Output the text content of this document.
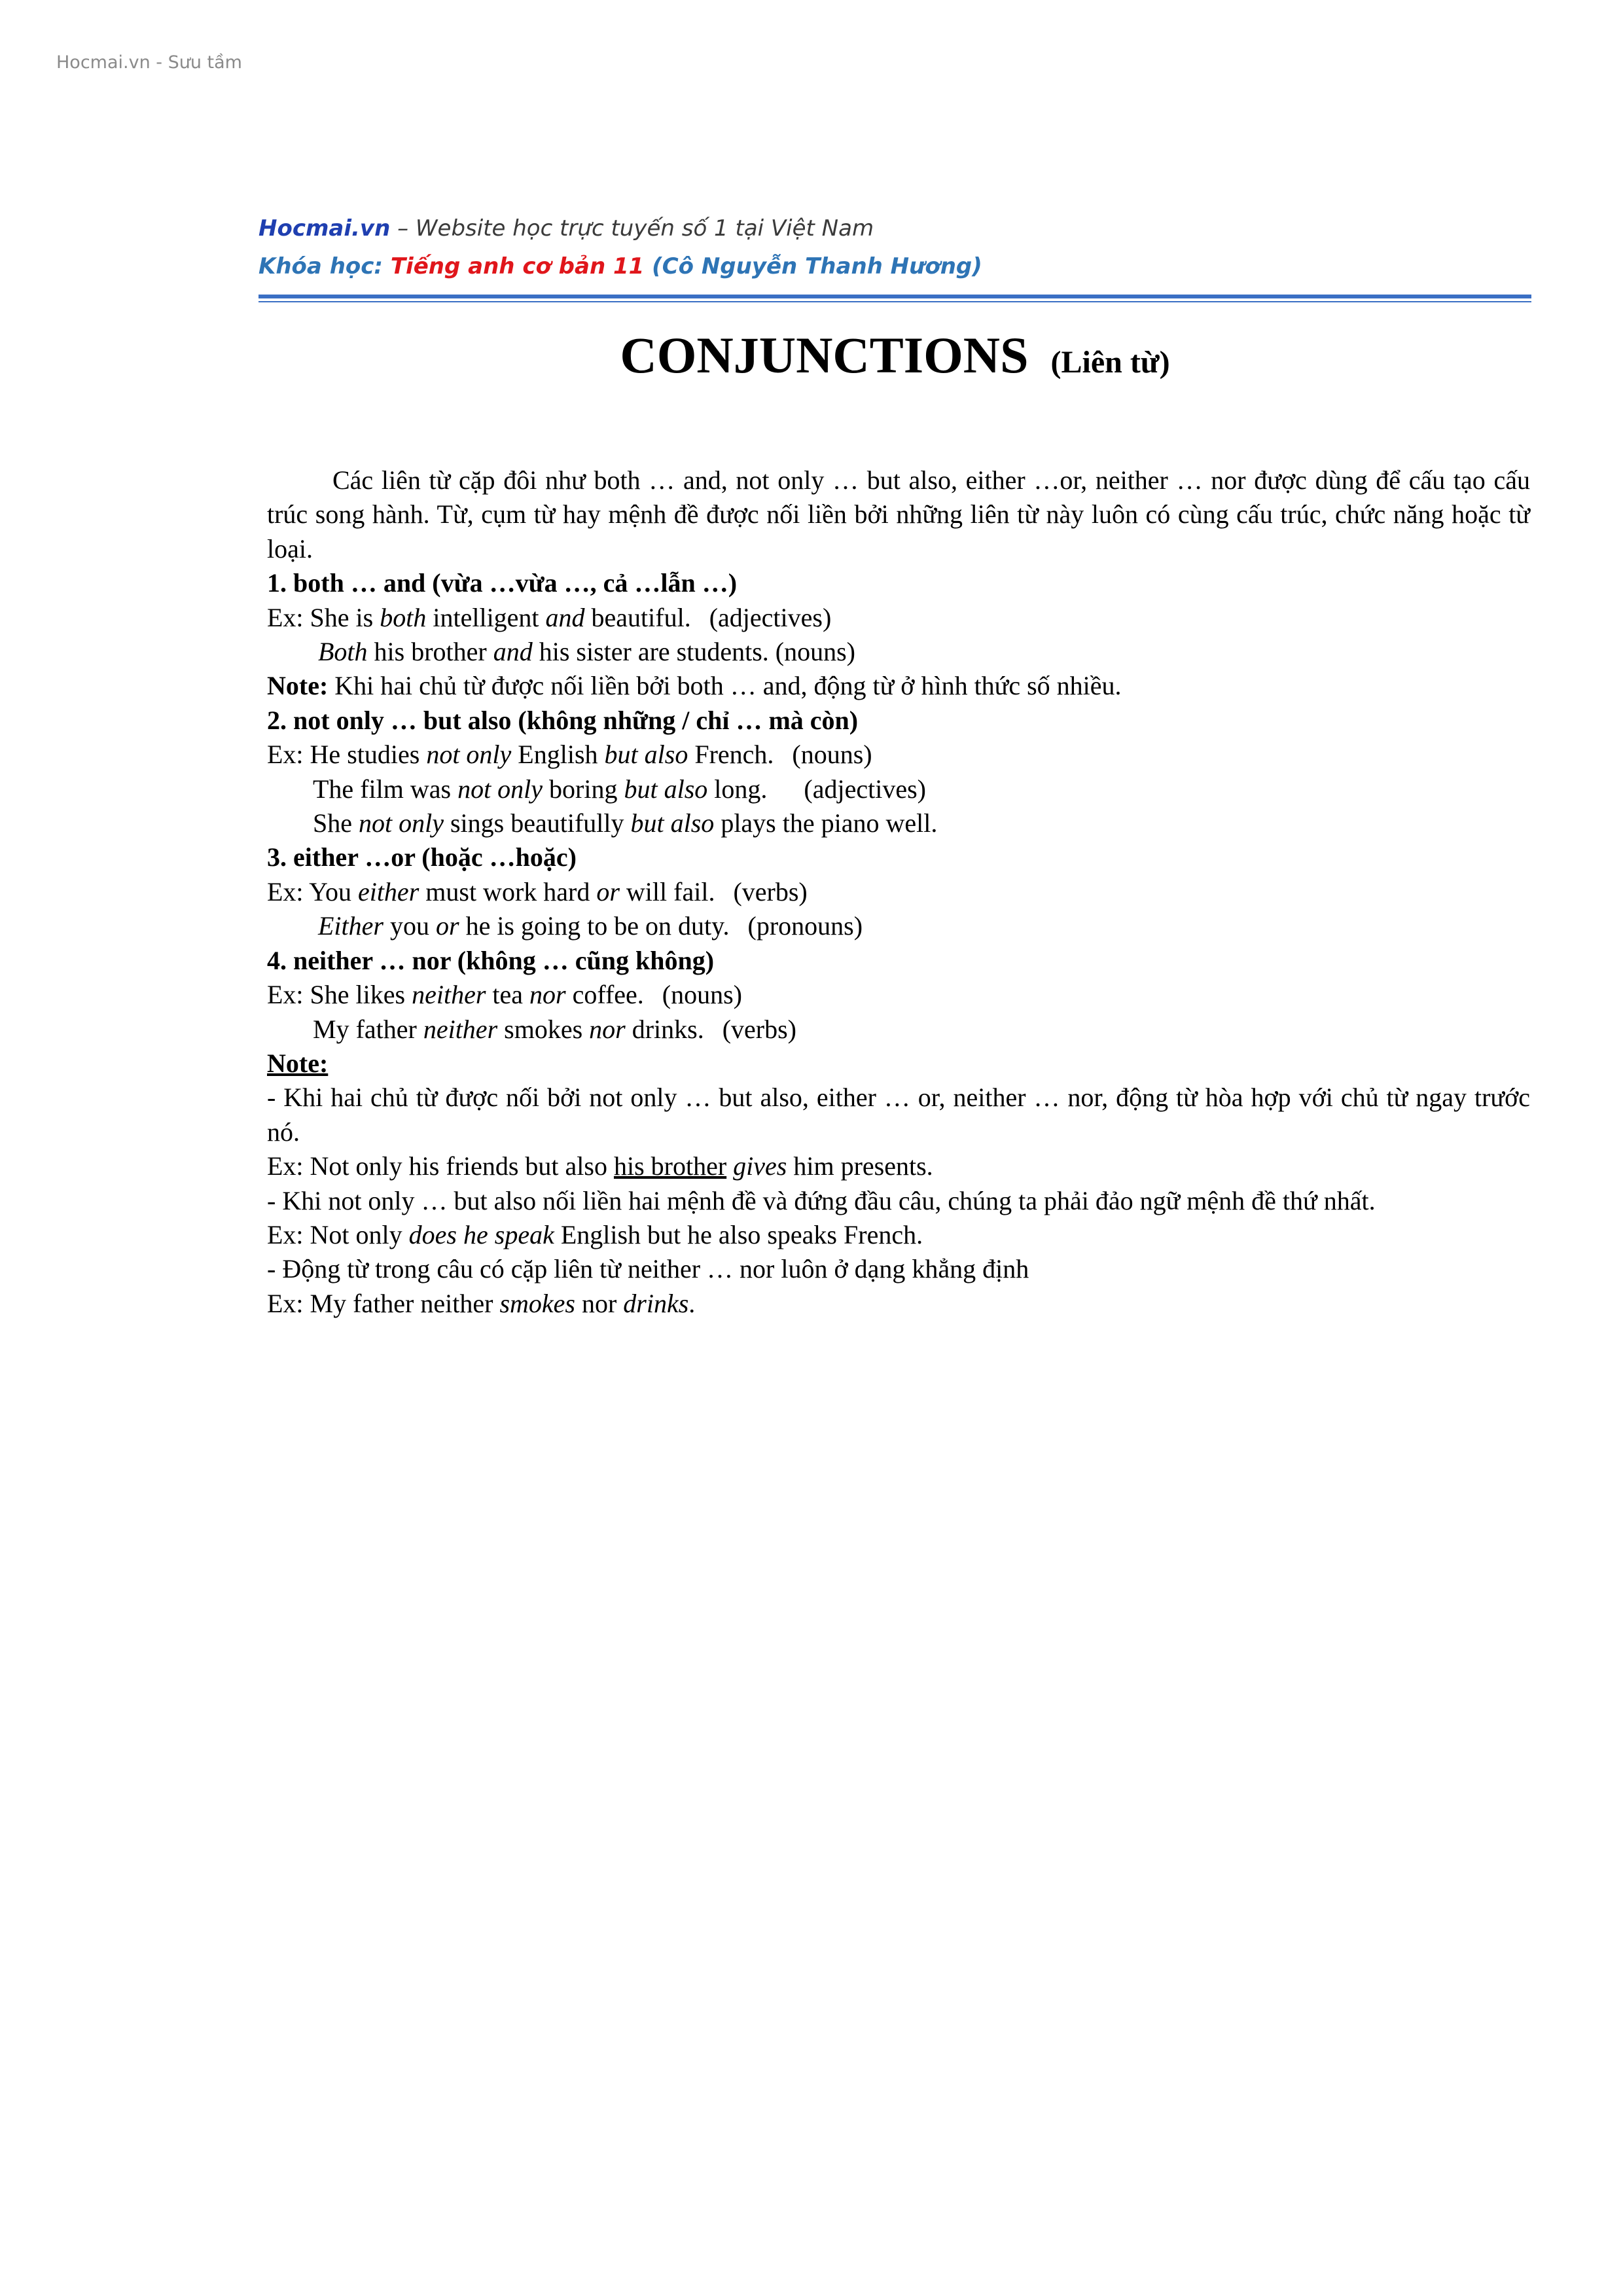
Hocmai.vn - Sưu tầm
Hocmai.vn – Website học trực tuyến số 1 tại Việt Nam
Khóa học: Tiếng anh cơ bản 11 (Cô Nguyễn Thanh Hương)
CONJUNCTIONS (Liên từ)

Các liên từ cặp đôi như both … and, not only … but also, either …or, neither … nor được dùng để cấu tạo cấu trúc song hành. Từ, cụm từ hay mệnh đề được nối liền bởi những liên từ này luôn có cùng cấu trúc, chức năng hoặc từ loại.

1. both … and (vừa …vừa …, cả …lẫn …)

Ex: She is both intelligent and beautiful. (adjectives)

Both his brother and his sister are students. (nouns)

Note: Khi hai chủ từ được nối liền bởi both … and, động từ ở hình thức số nhiều.

2. not only … but also (không những / chỉ … mà còn)

Ex: He studies not only English but also French. (nouns)

The film was not only boring but also long. (adjectives)

She not only sings beautifully but also plays the piano well.

3. either …or (hoặc …hoặc)

Ex: You either must work hard or will fail. (verbs)

Either you or he is going to be on duty. (pronouns)

4. neither … nor (không … cũng không)

Ex: She likes neither tea nor coffee. (nouns)

My father neither smokes nor drinks. (verbs)

Note:

- Khi hai chủ từ được nối bởi not only … but also, either … or, neither … nor, động từ hòa hợp với chủ từ ngay trước nó.

Ex: Not only his friends but also his brother gives him presents.

- Khi not only … but also nối liền hai mệnh đề và đứng đầu câu, chúng ta phải đảo ngữ mệnh đề thứ nhất.

Ex: Not only does he speak English but he also speaks French.

- Động từ trong câu có cặp liên từ neither … nor luôn ở dạng khẳng định

Ex: My father neither smokes nor drinks.
